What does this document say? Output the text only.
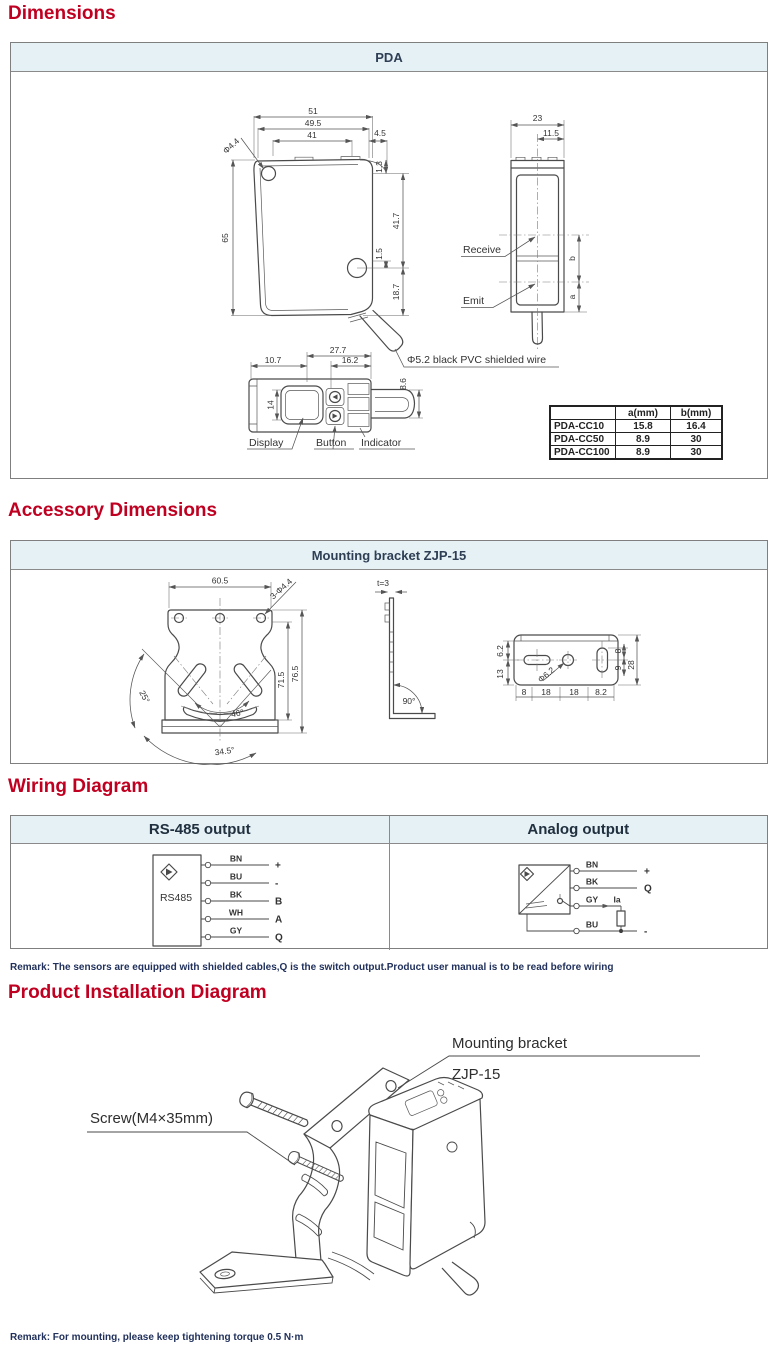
Dimensions
PDA
51
49.5
41	4.5
65
1.3
41.7
1.5
18.7
Φ4.4
Φ5.2 black PVC shielded wire
23
11.5
b
a
Receive
Emit
27.7
10.7	16.2
14
8.6
Display	Button Indicator
	a(mm)	b(mm)
PDA-CC10	15.8	16.4
PDA-CC50	8.9	30
PDA-CC100	8.9	30
Accessory Dimensions
Mounting bracket ZJP-15
25°
46°
34.5°
60.5	3-Φ4.4
71.5 76.5
t=3
90°
Φ6.2
6.2
13
8 18 18 8.2
8
9 28
Wiring Diagram
RS-485 output	Analog output
RS485
BN
+
BU
-
BK
B
WH
A
GY
Q
BN
+
BK
Q
GY Ia
BU
-

Remark: The sensors are equipped with shielded cables,Q is the switch output.Product user manual is to be read before wiring

Product Installation Diagram
Mounting bracket
ZJP-15
Screw(M4×35mm)

Remark: For mounting, please keep tightening torque 0.5 N·m
